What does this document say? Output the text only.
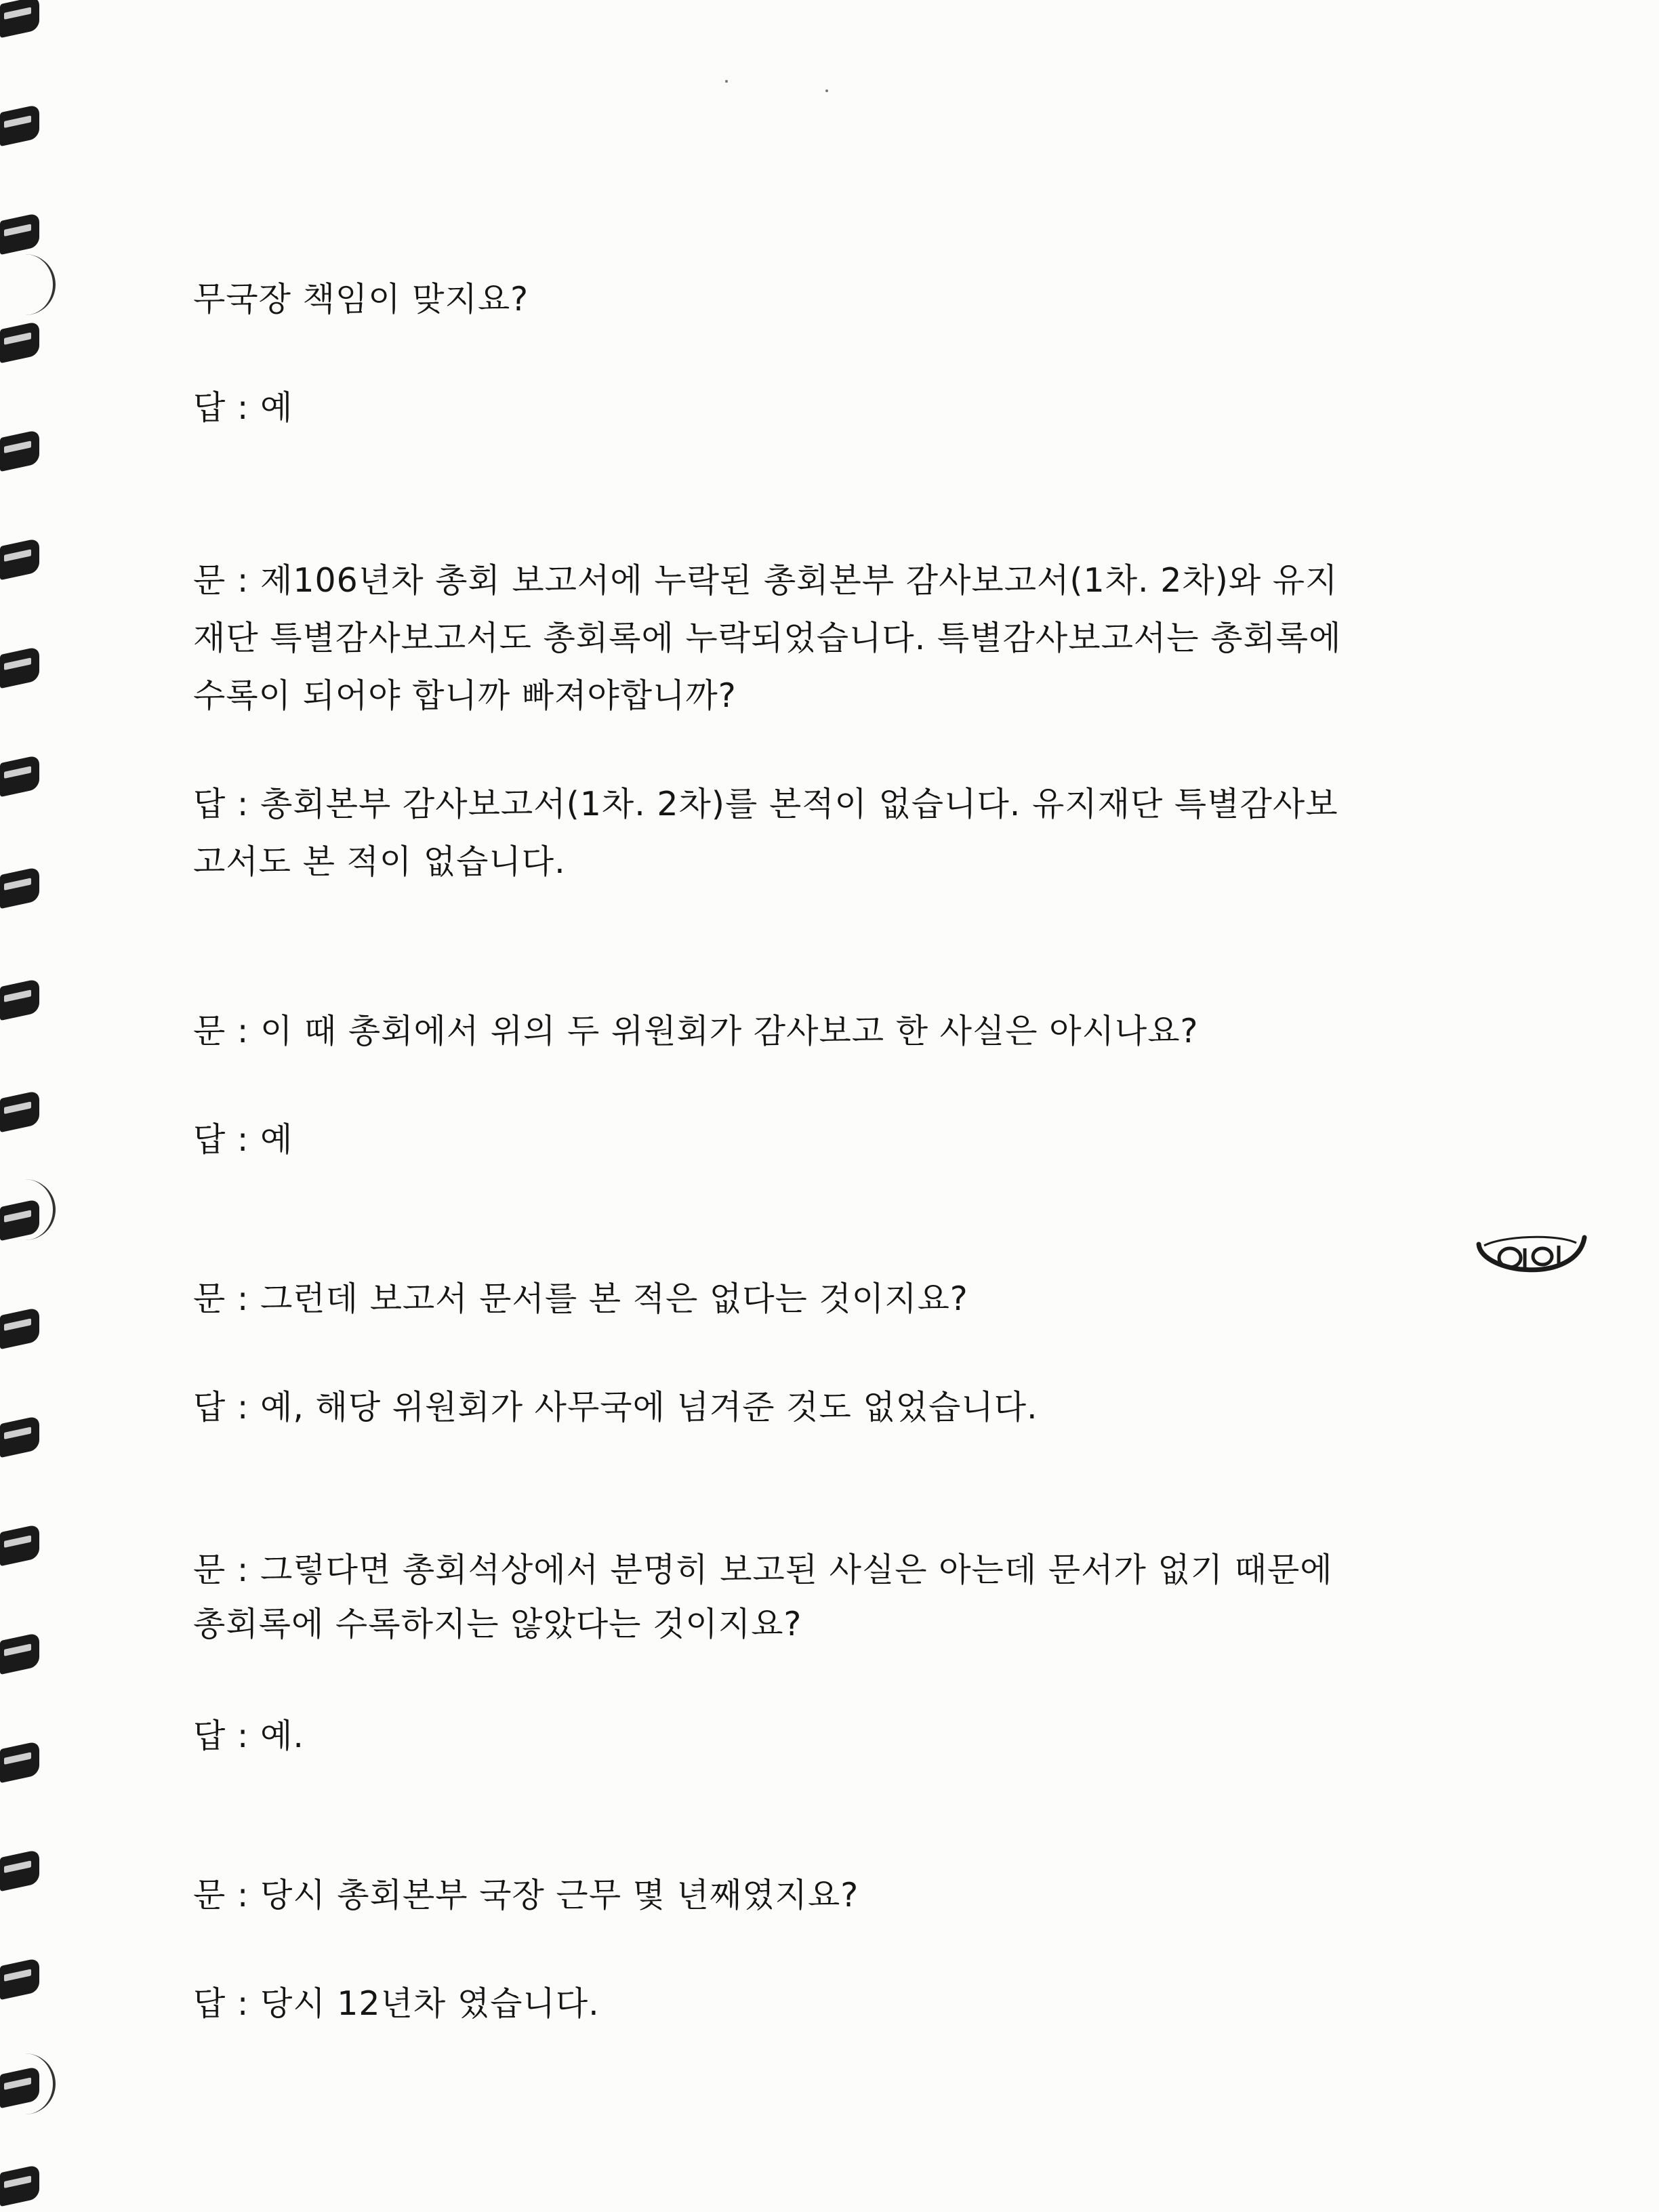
무국장 책임이 맞지요?
답 : 예
문 : 제106년차 총회 보고서에 누락된 총회본부 감사보고서(1차. 2차)와 유지
재단 특별감사보고서도 총회록에 누락되었습니다. 특별감사보고서는 총회록에
수록이 되어야 합니까 빠져야합니까?
답 : 총회본부 감사보고서(1차. 2차)를 본적이 없습니다. 유지재단 특별감사보
고서도 본 적이 없습니다.
문 : 이 때 총회에서 위의 두 위원회가 감사보고 한 사실은 아시나요?
답 : 예
문 : 그런데 보고서 문서를 본 적은 없다는 것이지요?
답 : 예, 해당 위원회가 사무국에 넘겨준 것도 없었습니다.
문 : 그렇다면 총회석상에서 분명히 보고된 사실은 아는데 문서가 없기 때문에
총회록에 수록하지는 않았다는 것이지요?
답 : 예.
문 : 당시 총회본부 국장 근무 몇 년째였지요?
답 : 당시 12년차 였습니다.
